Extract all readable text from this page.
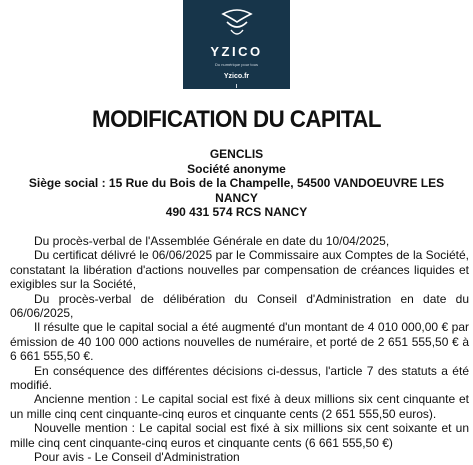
YZICO
Du numérique pour tous
Yzico.fr
MODIFICATION DU CAPITAL
GENCLIS
Société anonyme
Siège social : 15 Rue du Bois de la Champelle, 54500 VANDOEUVRE LES NANCY
490 431 574 RCS NANCY

Du procès-verbal de l'Assemblée Générale en date du 10/04/2025,

Du certificat délivré le 06/06/2025 par le Commissaire aux Comptes de la Société, constatant la libération d'actions nouvelles par compensation de créances liquides et exigibles sur la Société,

Du procès-verbal de délibération du Conseil d'Administration en date du 06/06/2025,

Il résulte que le capital social a été augmenté d'un montant de 4 010 000,00 € par émission de 40 100 000 actions nouvelles de numéraire, et porté de 2 651 555,50 € à 6 661 555,50 €.

En conséquence des différentes décisions ci-dessus, l'article 7 des statuts a été modifié.

Ancienne mention : Le capital social est fixé à deux millions six cent cinquante et un mille cinq cent cinquante-cinq euros et cinquante cents (2 651 555,50 euros).

Nouvelle mention : Le capital social est fixé à six millions six cent soixante et un mille cinq cent cinquante-cinq euros et cinquante cents (6 661 555,50 €)

Pour avis - Le Conseil d'Administration
